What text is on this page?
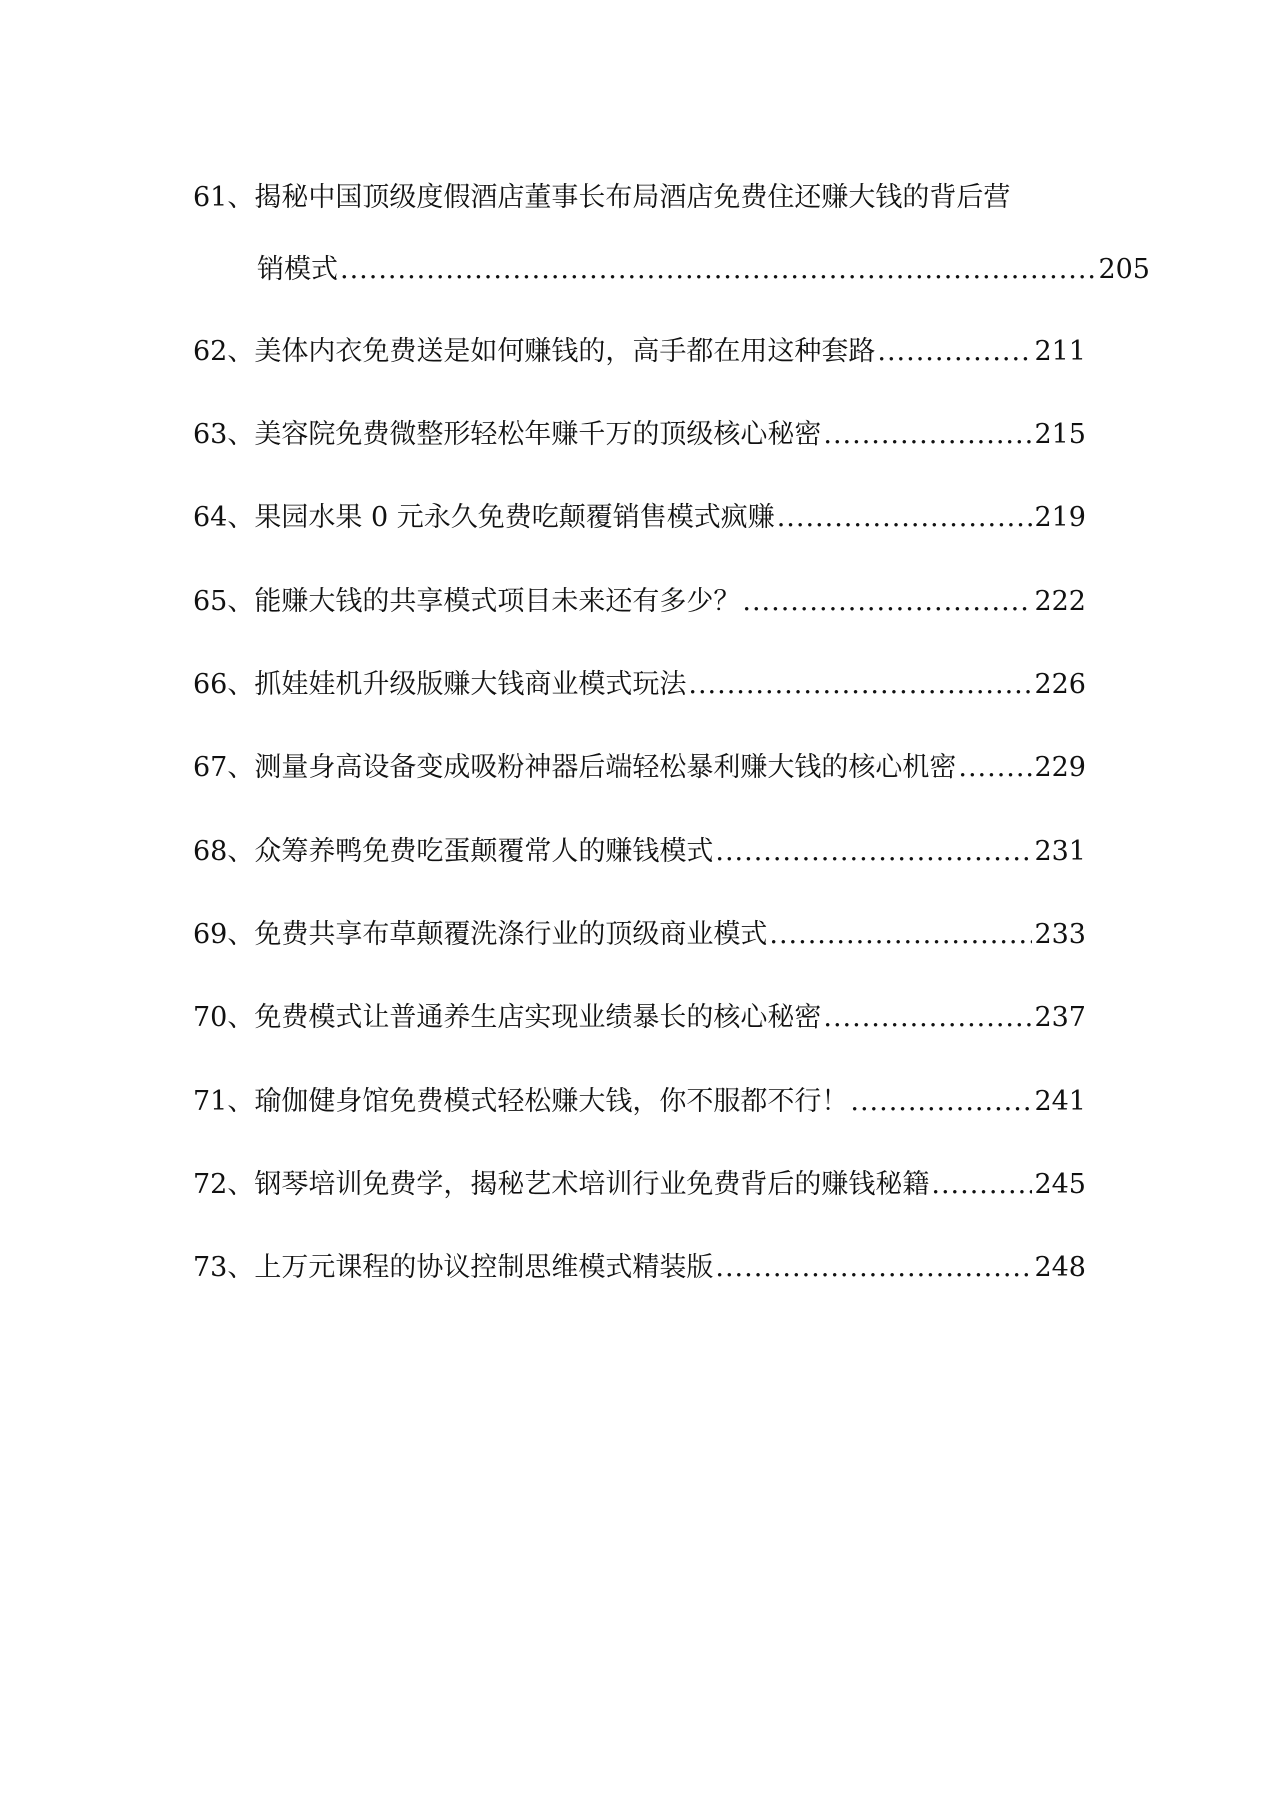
61、揭秘中国顶级度假酒店董事长布局酒店免费住还赚大钱的背后营
销模式 .....	205
62、美体内衣免费送是如何赚钱的，高手都在用这种套路 .....	211
63、美容院免费微整形轻松年赚千万的顶级核心秘密 .....	215
64、果园水果 0 元永久免费吃颠覆销售模式疯赚 .....	219
65、能赚大钱的共享模式项目未来还有多少？ .....	222
66、抓娃娃机升级版赚大钱商业模式玩法 .....	226
67、测量身高设备变成吸粉神器后端轻松暴利赚大钱的核心机密 .....	229
68、众筹养鸭免费吃蛋颠覆常人的赚钱模式 .....	231
69、免费共享布草颠覆洗涤行业的顶级商业模式 .....	233
70、免费模式让普通养生店实现业绩暴长的核心秘密 .....	237
71、瑜伽健身馆免费模式轻松赚大钱，你不服都不行！ .....	241
72、钢琴培训免费学，揭秘艺术培训行业免费背后的赚钱秘籍 .....	245
73、上万元课程的协议控制思维模式精装版 .....	248
